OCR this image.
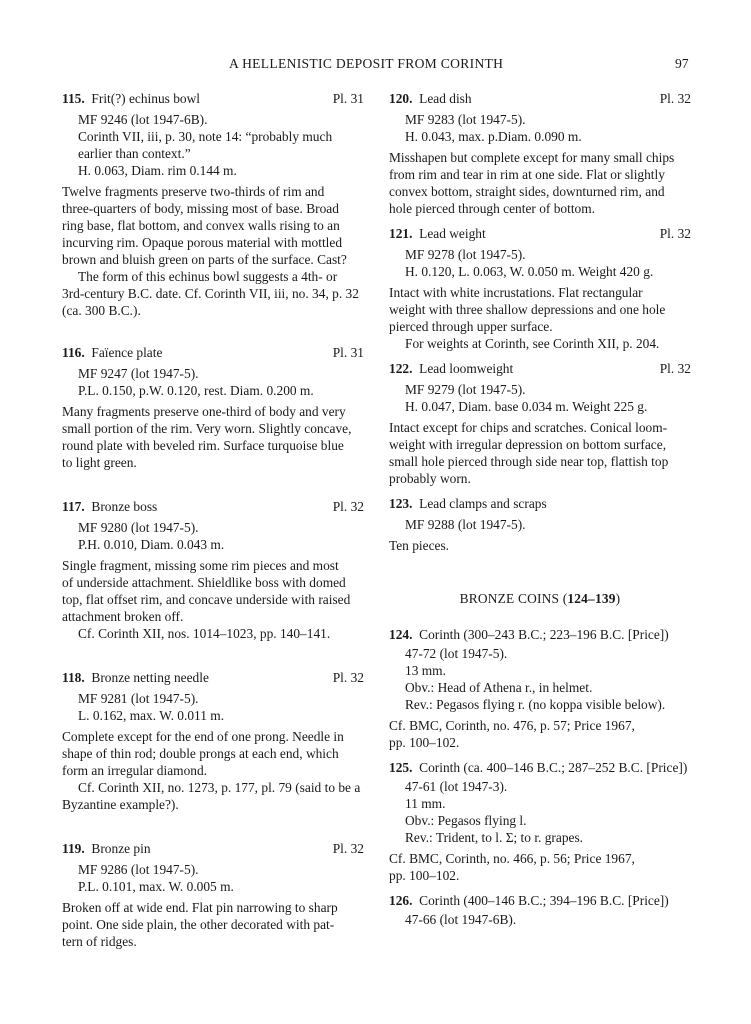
A HELLENISTIC DEPOSIT FROM CORINTH	97
115. Frit(?) echinus bowl	Pl. 31
MF 9246 (lot 1947-6B).
Corinth VII, iii, p. 30, note 14: “probably much
earlier than context.”
H. 0.063, Diam. rim 0.144 m.
Twelve fragments preserve two-thirds of rim and
three-quarters of body, missing most of base. Broad
ring base, flat bottom, and convex walls rising to an
incurving rim. Opaque porous material with mottled
brown and bluish green on parts of the surface. Cast?
The form of this echinus bowl suggests a 4th- or
3rd-century B.C. date. Cf. Corinth VII, iii, no. 34, p. 32
(ca. 300 B.C.).
116. Faïence plate	Pl. 31
MF 9247 (lot 1947-5).
P.L. 0.150, p.W. 0.120, rest. Diam. 0.200 m.
Many fragments preserve one-third of body and very
small portion of the rim. Very worn. Slightly concave,
round plate with beveled rim. Surface turquoise blue
to light green.
117. Bronze boss	Pl. 32
MF 9280 (lot 1947-5).
P.H. 0.010, Diam. 0.043 m.
Single fragment, missing some rim pieces and most
of underside attachment. Shieldlike boss with domed
top, flat offset rim, and concave underside with raised
attachment broken off.
Cf. Corinth XII, nos. 1014–1023, pp. 140–141.
118. Bronze netting needle	Pl. 32
MF 9281 (lot 1947-5).
L. 0.162, max. W. 0.011 m.
Complete except for the end of one prong. Needle in
shape of thin rod; double prongs at each end, which
form an irregular diamond.
Cf. Corinth XII, no. 1273, p. 177, pl. 79 (said to be a
Byzantine example?).
119. Bronze pin	Pl. 32
MF 9286 (lot 1947-5).
P.L. 0.101, max. W. 0.005 m.
Broken off at wide end. Flat pin narrowing to sharp
point. One side plain, the other decorated with pat-
tern of ridges.
120. Lead dish	Pl. 32
MF 9283 (lot 1947-5).
H. 0.043, max. p.Diam. 0.090 m.
Misshapen but complete except for many small chips
from rim and tear in rim at one side. Flat or slightly
convex bottom, straight sides, downturned rim, and
hole pierced through center of bottom.
121. Lead weight	Pl. 32
MF 9278 (lot 1947-5).
H. 0.120, L. 0.063, W. 0.050 m. Weight 420 g.
Intact with white incrustations. Flat rectangular
weight with three shallow depressions and one hole
pierced through upper surface.
For weights at Corinth, see Corinth XII, p. 204.
122. Lead loomweight	Pl. 32
MF 9279 (lot 1947-5).
H. 0.047, Diam. base 0.034 m. Weight 225 g.
Intact except for chips and scratches. Conical loom-
weight with irregular depression on bottom surface,
small hole pierced through side near top, flattish top
probably worn.
123. Lead clamps and scraps
MF 9288 (lot 1947-5).
Ten pieces.
BRONZE COINS (124–139)
124. Corinth (300–243 B.C.; 223–196 B.C. [Price])
47-72 (lot 1947-5).
13 mm.
Obv.: Head of Athena r., in helmet.
Rev.: Pegasos flying r. (no koppa visible below).
Cf. BMC, Corinth, no. 476, p. 57; Price 1967,
pp. 100–102.
125. Corinth (ca. 400–146 B.C.; 287–252 B.C. [Price])
47-61 (lot 1947-3).
11 mm.
Obv.: Pegasos flying l.
Rev.: Trident, to l. Σ; to r. grapes.
Cf. BMC, Corinth, no. 466, p. 56; Price 1967,
pp. 100–102.
126. Corinth (400–146 B.C.; 394–196 B.C. [Price])
47-66 (lot 1947-6B).
